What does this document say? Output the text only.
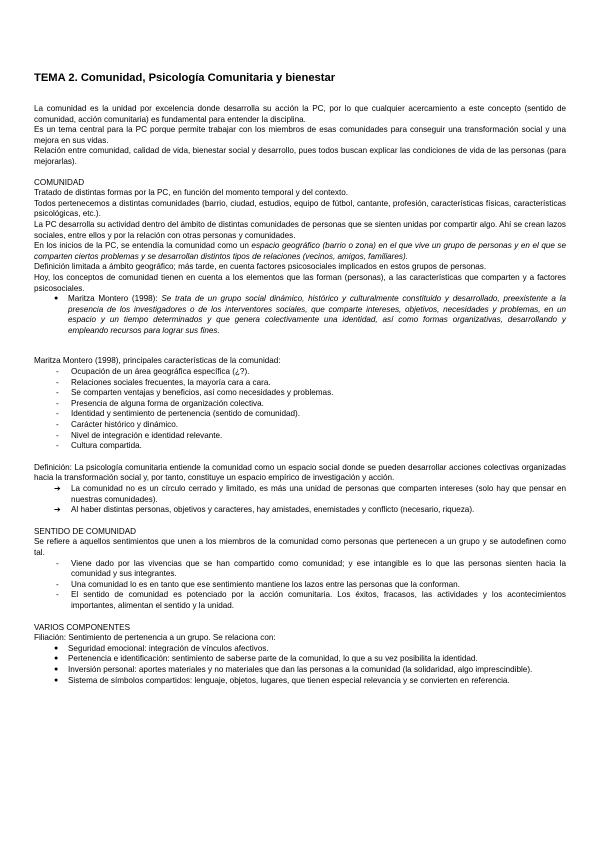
TEMA 2. Comunidad, Psicología Comunitaria y bienestar

La comunidad es la unidad por excelencia donde desarrolla su acción la PC, por lo que cualquier acercamiento a este concepto (sentido de comunidad, acción comunitaria) es fundamental para entender la disciplina.

Es un tema central para la PC porque permite trabajar con los miembros de esas comunidades para conseguir una transformación social y una mejora en sus vidas.

Relación entre comunidad, calidad de vida, bienestar social y desarrollo, pues todos buscan explicar las condiciones de vida de las personas (para mejorarlas).

COMUNIDAD

Tratado de distintas formas por la PC, en función del momento temporal y del contexto.

Todos pertenecemos a distintas comunidades (barrio, ciudad, estudios, equipo de fútbol, cantante, profesión, características físicas, características psicológicas, etc.).

La PC desarrolla su actividad dentro del ámbito de distintas comunidades de personas que se sienten unidas por compartir algo. Ahí se crean lazos sociales, entre ellos y por la relación con otras personas y comunidades.

En los inicios de la PC, se entendía la comunidad como un espacio geográfico (barrio o zona) en el que vive un grupo de personas y en el que se comparten ciertos problemas y se desarrollan distintos tipos de relaciones (vecinos, amigos, familiares).

Definición limitada a ámbito geográfico; más tarde, en cuenta factores psicosociales implicados en estos grupos de personas.

Hoy, los conceptos de comunidad tienen en cuenta a los elementos que las forman (personas), a las características que comparten y a factores psicosociales.

● Maritza Montero (1998): Se trata de un grupo social dinámico, histórico y culturalmente constituido y desarrollado, preexistente a la presencia de los investigadores o de los interventores sociales, que comparte intereses, objetivos, necesidades y problemas, en un espacio y un tiempo determinados y que genera colectivamente una identidad, así como formas organizativas, desarrollando y empleando recursos para lograr sus fines.

Maritza Montero (1998), principales características de la comunidad:

- Ocupación de un área geográfica específica (¿?).
- Relaciones sociales frecuentes, la mayoría cara a cara.
- Se comparten ventajas y beneficios, así como necesidades y problemas.
- Presencia de alguna forma de organización colectiva.
- Identidad y sentimiento de pertenencia (sentido de comunidad).
- Carácter histórico y dinámico.
- Nivel de integración e identidad relevante.
- Cultura compartida.

Definición: La psicología comunitaria entiende la comunidad como un espacio social donde se pueden desarrollar acciones colectivas organizadas hacia la transformación social y, por tanto, constituye un espacio empírico de investigación y acción.

➔ La comunidad no es un círculo cerrado y limitado, es más una unidad de personas que comparten intereses (solo hay que pensar en nuestras comunidades).
➔ Al haber distintas personas, objetivos y caracteres, hay amistades, enemistades y conflicto (necesario, riqueza).

SENTIDO DE COMUNIDAD

Se refiere a aquellos sentimientos que unen a los miembros de la comunidad como personas que pertenecen a un grupo y se autodefinen como tal.

- Viene dado por las vivencias que se han compartido como comunidad; y ese intangible es lo que las personas sienten hacia la comunidad y sus integrantes.
- Una comunidad lo es en tanto que ese sentimiento mantiene los lazos entre las personas que la conforman.
- El sentido de comunidad es potenciado por la acción comunitaria. Los éxitos, fracasos, las actividades y los acontecimientos importantes, alimentan el sentido y la unidad.

VARIOS COMPONENTES

Filiación: Sentimiento de pertenencia a un grupo. Se relaciona con:

● Seguridad emocional: integración de vínculos afectivos.
● Pertenencia e identificación: sentimiento de saberse parte de la comunidad, lo que a su vez posibilita la identidad.
● Inversión personal: aportes materiales y no materiales que dan las personas a la comunidad (la solidaridad, algo imprescindible).
● Sistema de símbolos compartidos: lenguaje, objetos, lugares, que tienen especial relevancia y se convierten en referencia.
